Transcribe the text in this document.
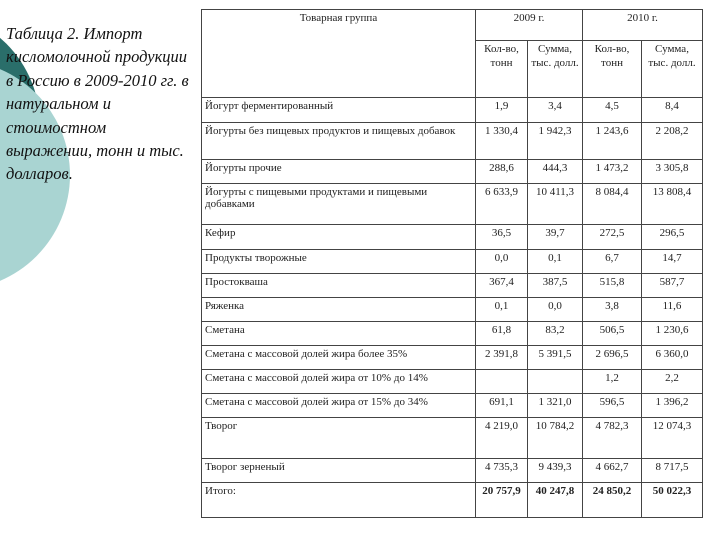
Таблица 2. Импорт кисломолочной продукции в Россию в 2009-2010 гг. в натуральном и стоимостном выражении, тонн и тыс. долларов.
Товарная группа	2009 г.		2010 г.	
	Кол-во, тонн	Сумма, тыс. долл.	Кол-во, тонн	Сумма, тыс. долл.
Йогурт ферментированный	1,9	3,4	4,5	8,4
Йогурты без пищевых продуктов и пищевых добавок	1 330,4	1 942,3	1 243,6	2 208,2
Йогурты прочие	288,6	444,3	1 473,2	3 305,8
Йогурты с пищевыми продуктами и пищевыми добавками	6 633,9	10 411,3	8 084,4	13 808,4
Кефир	36,5	39,7	272,5	296,5
Продукты творожные	0,0	0,1	6,7	14,7
Простокваша	367,4	387,5	515,8	587,7
Ряженка	0,1	0,0	3,8	11,6
Сметана	61,8	83,2	506,5	1 230,6
Сметана с массовой долей жира более 35%	2 391,8	5 391,5	2 696,5	6 360,0
Сметана с массовой долей жира от 10% до 14%			1,2	2,2
Сметана с массовой долей жира от 15% до 34%	691,1	1 321,0	596,5	1 396,2
Творог	4 219,0	10 784,2	4 782,3	12 074,3
Творог зерненый	4 735,3	9 439,3	4 662,7	8 717,5
Итого:	20 757,9	40 247,8	24 850,2	50 022,3
